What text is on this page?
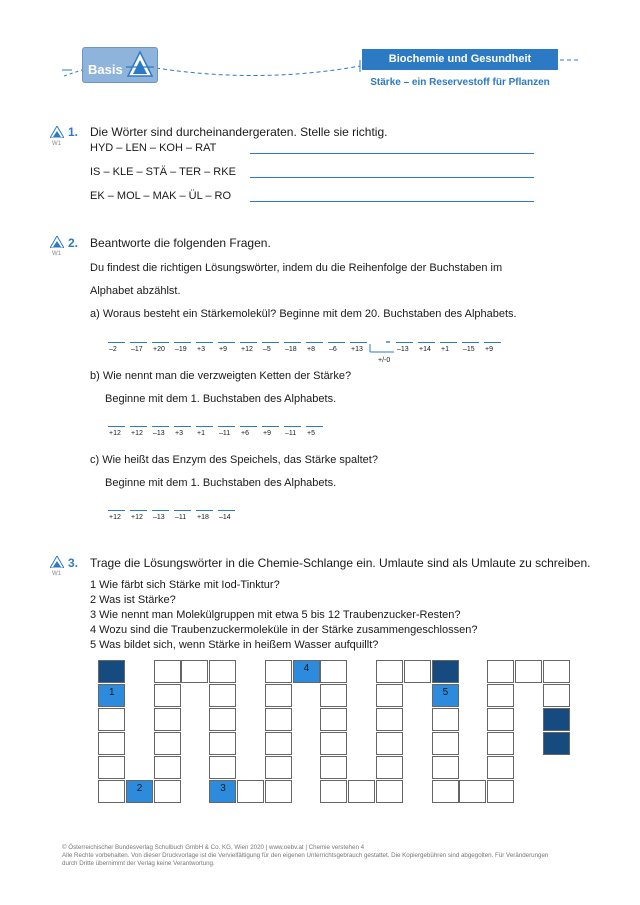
Basis
Biochemie und Gesundheit
Stärke – ein Reservestoff für Pflanzen
W1
1. Die Wörter sind durcheinandergeraten. Stelle sie richtig.
HYD – LEN – KOH – RAT
IS – KLE – STÄ – TER – RKE
EK – MOL – MAK – ÜL – RO
W1
2. Beantworte die folgenden Fragen.
Du findest die richtigen Lösungswörter, indem du die Reihenfolge der Buchstaben im
Alphabet abzählst.
a) Woraus besteht ein Stärkemolekül? Beginne mit dem 20. Buchstaben des Alphabets.
–2 –17 +20 –19 +3 +9 +12 –5 –18 +8 –6 +13	–13 +14 +1 –15 +9
+/-0
b) Wie nennt man die verzweigten Ketten der Stärke?
Beginne mit dem 1. Buchstaben des Alphabets.
+12 +12 –13 +3 +1 –11 +6 +9 –11 +5
c) Wie heißt das Enzym des Speichels, das Stärke spaltet?
Beginne mit dem 1. Buchstaben des Alphabets.
+12 +12 –13 –11 +18 –14
W1
3. Trage die Lösungswörter in die Chemie-Schlange ein. Umlaute sind als Umlaute zu schreiben.
1 Wie färbt sich Stärke mit Iod-Tinktur?
2 Was ist Stärke?
3 Wie nennt man Molekülgruppen mit etwa 5 bis 12 Traubenzucker-Resten?
4 Wozu sind die Traubenzuckermoleküle in der Stärke zusammengeschlossen?
5 Was bildet sich, wenn Stärke in heißem Wasser aufquillt?
1
2	3
4
5
© Österreichischer Bundesverlag Schulbuch GmbH & Co. KG, Wien 2020 | www.oebv.at | Chemie verstehen 4
Alle Rechte vorbehalten. Von dieser Druckvorlage ist die Vervielfältigung für den eigenen Unterrichtsgebrauch gestattet. Die Kopiergebühren sind abgegolten. Für Veränderungen
durch Dritte übernimmt der Verlag keine Verantwortung.
